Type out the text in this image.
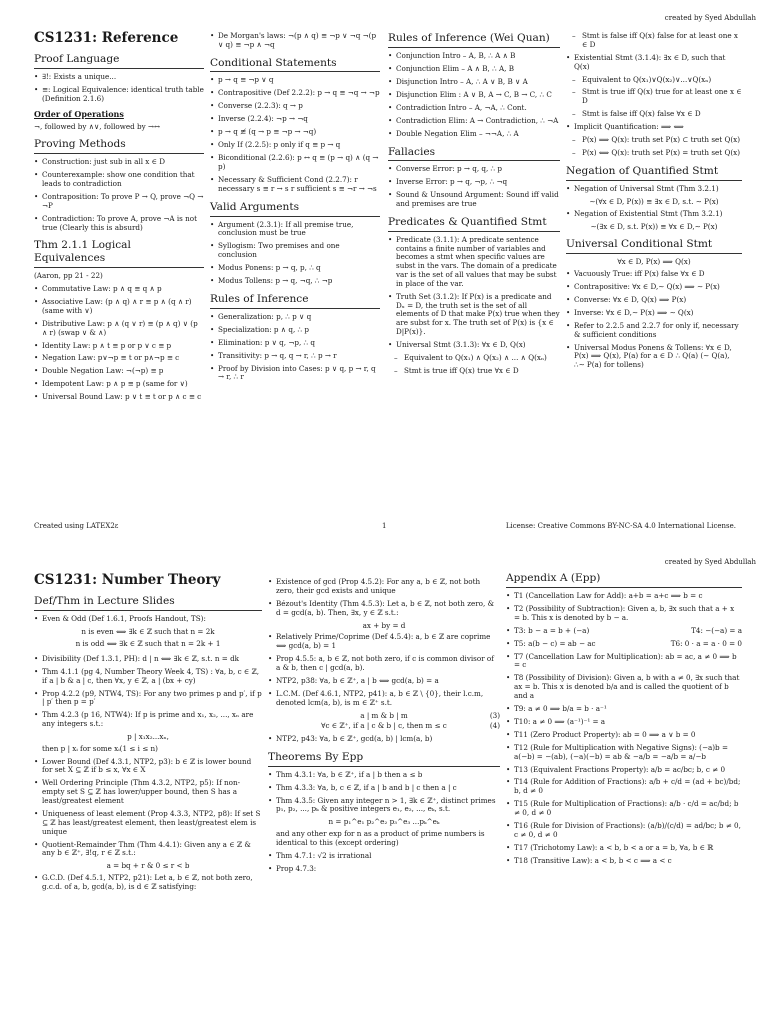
created by Syed Abdullah
CS1231: Reference
Proof Language
• ∃!: Exists a unique...
• ≡: Logical Equivalence: identical truth table (Definition 2.1.6)
Order of Operations
¬, followed by ∧∨, followed by →↔
Proving Methods
• Construction: just sub in all x ∈ D
• Counterexample: show one condition that leads to contradiction
• Contraposition: To prove P → Q, prove ¬Q → ¬P
• Contradiction: To prove A, prove ¬A is not true (Clearly this is absurd)
Thm 2.1.1 Logical Equivalences
(Aaron, pp 21 - 22)
• Commutative Law: p ∧ q ≡ q ∧ p
• Associative Law: (p ∧ q) ∧ r ≡ p ∧ (q ∧ r) (same with ∨)
• Distributive Law: p ∧ (q ∨ r) ≡ (p ∧ q) ∨ (p ∧ r) (swap ∨ & ∧)
• Identity Law: p ∧ t ≡ p or p ∨ c ≡ p
• Negation Law: p∨¬p ≡ t or p∧¬p ≡ c
• Double Negation Law: ¬(¬p) ≡ p
• Idempotent Law: p ∧ p ≡ p (same for ∨)
• Universal Bound Law: p ∨ t ≡ t or p ∧ c ≡ c
• De Morgan's laws: ¬(p ∧ q) ≡ ¬p ∨ ¬q ¬(p ∨ q) ≡ ¬p ∧ ¬q
Conditional Statements
• p → q ≡ ¬p ∨ q
• Contrapositive (Def 2.2.2): p → q ≡ ¬q → ¬p
• Converse (2.2.3): q → p
• Inverse (2.2.4): ¬p → ¬q
• p → q ≢ (q → p ≡ ¬p → ¬q)
• Only If (2.2.5): p only if q ≡ p → q
• Biconditional (2.2.6): p ↔ q ≡ (p → q) ∧ (q → p)
• Necessary & Sufficient Cond (2.2.7): r necessary s ≡ r → s r sufficient s ≡ ¬r → ¬s
Valid Arguments
• Argument (2.3.1): If all premise true, conclusion must be true
• Syllogism: Two premises and one conclusion
• Modus Ponens: p → q, p, ∴ q
• Modus Tollens: p → q, ¬q, ∴ ¬p
Rules of Inference
• Generalization: p, ∴ p ∨ q
• Specialization: p ∧ q, ∴ p
• Elimination: p ∨ q, ¬p, ∴ q
• Transitivity: p → q, q → r, ∴ p → r
• Proof by Division into Cases: p ∨ q, p → r, q → r, ∴ r
Rules of Inference (Wei Quan)
• Conjunction Intro – A, B, ∴ A ∧ B
• Conjunction Elim – A ∧ B, ∴ A, B
• Disjunction Intro – A, ∴ A ∨ B, B ∨ A
• Disjunction Elim : A ∨ B, A → C, B → C, ∴ C
• Contradiction Intro – A, ¬A, ∴ Cont.
• Contradiction Elim: A → Contradiction, ∴ ¬A
• Double Negation Elim – ¬¬A, ∴ A
Fallacies
• Converse Error: p → q, q, ∴ p
• Inverse Error: p → q, ¬p, ∴ ¬q
• Sound & Unsound Argument: Sound iff valid and premises are true
Predicates & Quantified Stmt
• Predicate (3.1.1): A predicate sentence contains a finite number of variables and becomes a stmt when specific values are subst in the vars. The domain of a predicate var is the set of all values that may be subst in place of the var.
• Truth Set (3.1.2): If P(x) is a predicate and Dₓ = D, the truth set is the set of all elements of D that make P(x) true when they are subst for x. The truth set of P(x) is {x ∈ D|P(x)}.
• Universal Stmt (3.1.3): ∀x ∈ D, Q(x)
– Equivalent to Q(x₁) ∧ Q(x₂) ∧ ... ∧ Q(xₙ)
– Stmt is true iff Q(x) true ∀x ∈ D
– Stmt is false iff Q(x) false for at least one x ∈ D
• Existential Stmt (3.1.4): ∃x ∈ D, such that Q(x)
– Equivalent to Q(x₁)∨Q(x₂)∨...∨Q(xₙ)
– Stmt is true iff Q(x) true for at least one x ∈ D
– Stmt is false iff Q(x) false ∀x ∈ D
• Implicit Quantification: ⟹ ⟺
– P(x) ⟹ Q(x): truth set P(x) ⊂ truth set Q(x)
– P(x) ⟺ Q(x): truth set P(x) = truth set Q(x)
Negation of Quantified Stmt
• Negation of Universal Stmt (Thm 3.2.1)
∼(∀x ∈ D, P(x)) ≡ ∃x ∈ D, s.t. ∼ P(x)
• Negation of Existential Stmt (Thm 3.2.1)
∼(∃x ∈ D, s.t. P(x)) ≡ ∀x ∈ D,∼ P(x)
Universal Conditional Stmt
∀x ∈ D, P(x) ⟹ Q(x)
• Vacuously True: iff P(x) false ∀x ∈ D
• Contrapositive: ∀x ∈ D,∼ Q(x) ⟹ ∼ P(x)
• Converse: ∀x ∈ D, Q(x) ⟹ P(x)
• Inverse: ∀x ∈ D,∼ P(x) ⟹ ∼ Q(x)
• Refer to 2.2.5 and 2.2.7 for only if, necessary & sufficient conditions
• Universal Modus Ponens & Tollens: ∀x ∈ D, P(x) ⟹ Q(x), P(a) for a ∈ D ∴ Q(a) (∼ Q(a), ∴∼ P(a) for tollens)
Created using LATEX2ε	1	License: Creative Commons BY-NC-SA 4.0 International License.
created by Syed Abdullah
CS1231: Number Theory
Def/Thm in Lecture Slides
• Even & Odd (Def 1.6.1, Proofs Handout, TS):
n is even ⟺ ∃k ∈ ℤ such that n = 2k
n is odd ⟺ ∃k ∈ ℤ such that n = 2k + 1
• Divisibility (Def 1.3.1, PH): d | n ⟺ ∃k ∈ ℤ, s.t. n = dk
• Thm 4.1.1 (pg 4, Number Theory Week 4, TS) : ∀a, b, c ∈ ℤ, if a | b & a | c, then ∀x, y ∈ ℤ, a | (bx + cy)
• Prop 4.2.2 (p9, NTW4, TS): For any two primes p and p′, if p | p′ then p = p′
• Thm 4.2.3 (p 16, NTW4): If p is prime and x₁, x₂, ..., xₙ are any integers s.t.:
p | x₁x₂...xₙ,
then p | xᵢ for some xᵢ(1 ≤ i ≤ n)
• Lower Bound (Def 4.3.1, NTP2, p3): b ∈ ℤ is lower bound for set X ⊆ ℤ if b ≤ x, ∀x ∈ X
• Well Ordering Principle (Thm 4.3.2, NTP2, p5): If non-empty set S ⊆ ℤ has lower/upper bound, then S has a least/greatest element
• Uniqueness of least element (Prop 4.3.3, NTP2, p8): If set S ⊆ ℤ has least/greatest element, then least/greatest elem is unique
• Quotient-Remainder Thm (Thm 4.4.1): Given any a ∈ ℤ & any b ∈ ℤ⁺, ∃!q, r ∈ ℤ s.t.:
a = bq + r & 0 ≤ r < b
• G.C.D. (Def 4.5.1, NTP2, p21): Let a, b ∈ ℤ, not both zero, g.c.d. of a, b, gcd(a, b), is d ∈ ℤ satisfying:
• Existence of gcd (Prop 4.5.2): For any a, b ∈ ℤ, not both zero, their gcd exists and unique
• Bézout's Identity (Thm 4.5.3): Let a, b ∈ ℤ, not both zero, & d = gcd(a, b). Then, ∃x, y ∈ ℤ s.t.:
ax + by = d
• Relatively Prime/Coprime (Def 4.5.4): a, b ∈ ℤ are coprime ⟺ gcd(a, b) = 1
• Prop 4.5.5: a, b ∈ ℤ, not both zero, if c is common divisor of a & b, then c | gcd(a, b).
• NTP2, p38: ∀a, b ∈ ℤ⁺, a | b ⟺ gcd(a, b) = a
• L.C.M. (Def 4.6.1, NTP2, p41): a, b ∈ ℤ \ {0}, their l.c.m, denoted lcm(a, b), is m ∈ ℤ⁺ s.t.
a | m & b | m	(3)
∀c ∈ ℤ⁺, if a | c & b | c, then m ≤ c	(4)
• NTP2, p43: ∀a, b ∈ ℤ⁺, gcd(a, b) | lcm(a, b)
Theorems By Epp
• Thm 4.3.1: ∀a, b ∈ ℤ⁺, if a | b then a ≤ b
• Thm 4.3.3: ∀a, b, c ∈ ℤ, if a | b and b | c then a | c
• Thm 4.3.5: Given any integer n > 1, ∃k ∈ ℤ⁺, distinct primes p₁, p₂, ..., pₖ & positive integers e₁, e₂, ..., eₖ, s.t.
n = p₁^e₁ p₂^e₂ p₃^e₃ ...pₖ^eₖ
and any other exp for n as a product of prime numbers is identical to this (except ordering)
• Thm 4.7.1: √2 is irrational
• Prop 4.7.3:
Appendix A (Epp)
• T1 (Cancellation Law for Add): a+b = a+c ⟹ b = c
• T2 (Possibility of Subtraction): Given a, b, ∃x such that a + x = b. This x is denoted by b − a.
• T3: b − a = b + (−a)	T4: −(−a) = a
• T5: a(b − c) = ab − ac	T6: 0 · a = a · 0 = 0
• T7 (Cancellation Law for Multiplication): ab = ac, a ≠ 0 ⟹ b = c
• T8 (Possibility of Division): Given a, b with a ≠ 0, ∃x such that ax = b. This x is denoted b/a and is called the quotient of b and a
• T9: a ≠ 0 ⟹ b/a = b · a⁻¹
• T10: a ≠ 0 ⟹ (a⁻¹)⁻¹ = a
• T11 (Zero Product Property): ab = 0 ⟹ a ∨ b = 0
• T12 (Rule for Multiplication with Negative Signs): (−a)b = a(−b) = −(ab), (−a)(−b) = ab & −a/b = −a/b = a/−b
• T13 (Equivalent Fractions Property): a/b = ac/bc; b, c ≠ 0
• T14 (Rule for Addition of Fractions): a/b + c/d = (ad + bc)/bd; b, d ≠ 0
• T15 (Rule for Multiplication of Fractions): a/b · c/d = ac/bd; b ≠ 0, d ≠ 0
• T16 (Rule for Division of Fractions): (a/b)/(c/d) = ad/bc; b ≠ 0, c ≠ 0, d ≠ 0
• T17 (Trichotomy Law): a < b, b < a or a = b, ∀a, b ∈ ℝ
• T18 (Transitive Law): a < b, b < c ⟹ a < c
